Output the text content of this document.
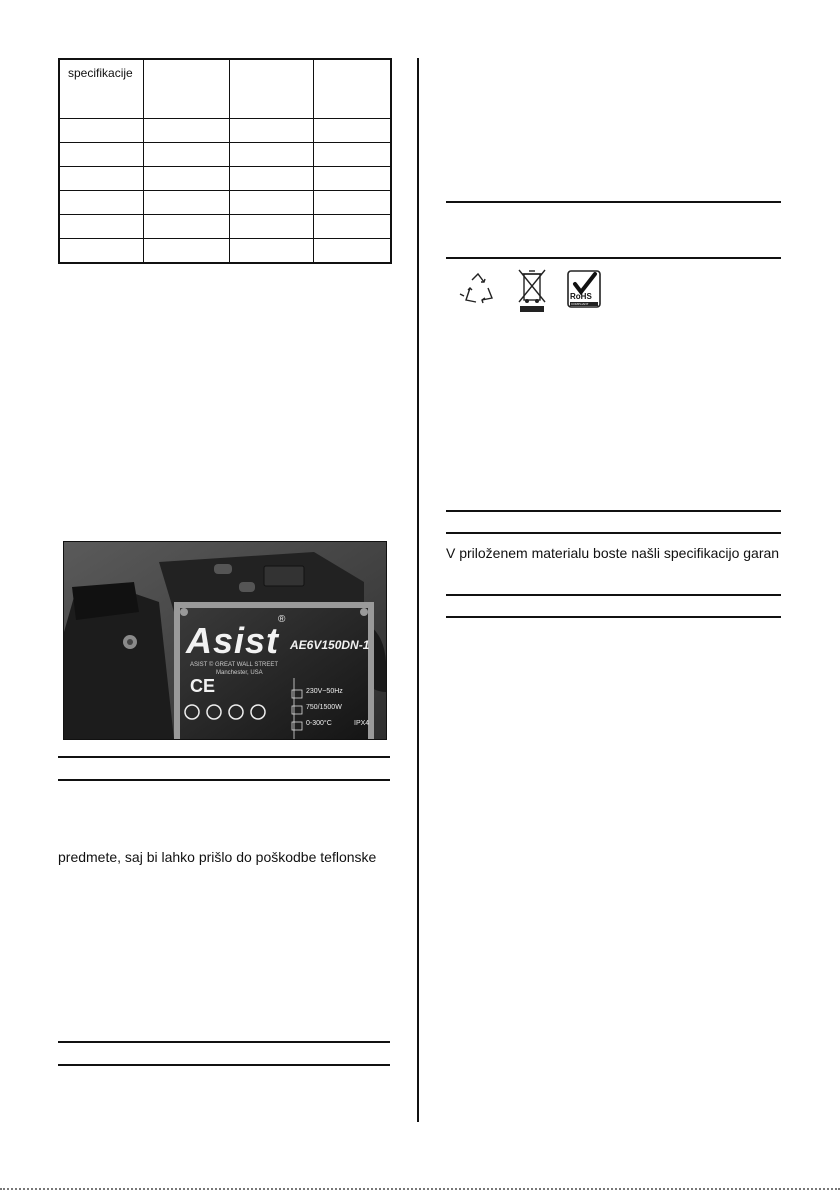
specifikacije			

Asist
®
AE6V150DN-1
ASIST © GREAT WALL STREET
Manchester, USA
CE	230V~50Hz
750/1500W
0-300°C	IPX4
predmete, saj bi lahko prišlo do poškodbe teflonske
RoHS
COMPLIANT
V priloženem materialu boste našli specifikacijo garan
